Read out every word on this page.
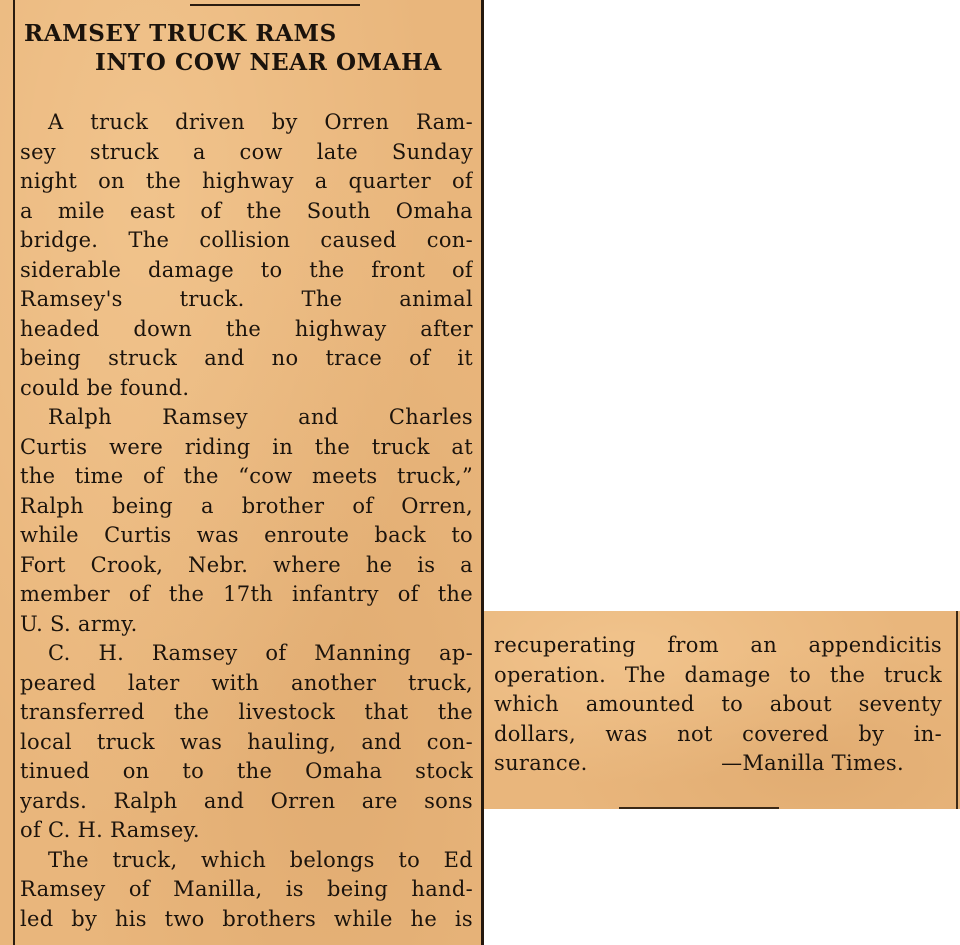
RAMSEY TRUCK RAMS
INTO COW NEAR OMAHA
A truck driven by Orren Ram-
sey struck a cow late Sunday
night on the highway a quarter of
a mile east of the South Omaha
bridge. The collision caused con-
siderable damage to the front of
Ramsey's truck. The animal
headed down the highway after
being struck and no trace of it
could be found.
Ralph Ramsey and Charles
Curtis were riding in the truck at
the time of the “cow meets truck,”
Ralph being a brother of Orren,
while Curtis was enroute back to
Fort Crook, Nebr. where he is a
member of the 17th infantry of the
U. S. army.
C. H. Ramsey of Manning ap-
peared later with another truck,
transferred the livestock that the
local truck was hauling, and con-
tinued on to the Omaha stock
yards. Ralph and Orren are sons
of C. H. Ramsey.
The truck, which belongs to Ed
Ramsey of Manilla, is being hand-
led by his two brothers while he is
recuperating from an appendicitis
operation. The damage to the truck
which amounted to about seventy
dollars, was not covered by in-
surance.	—Manilla Times.
